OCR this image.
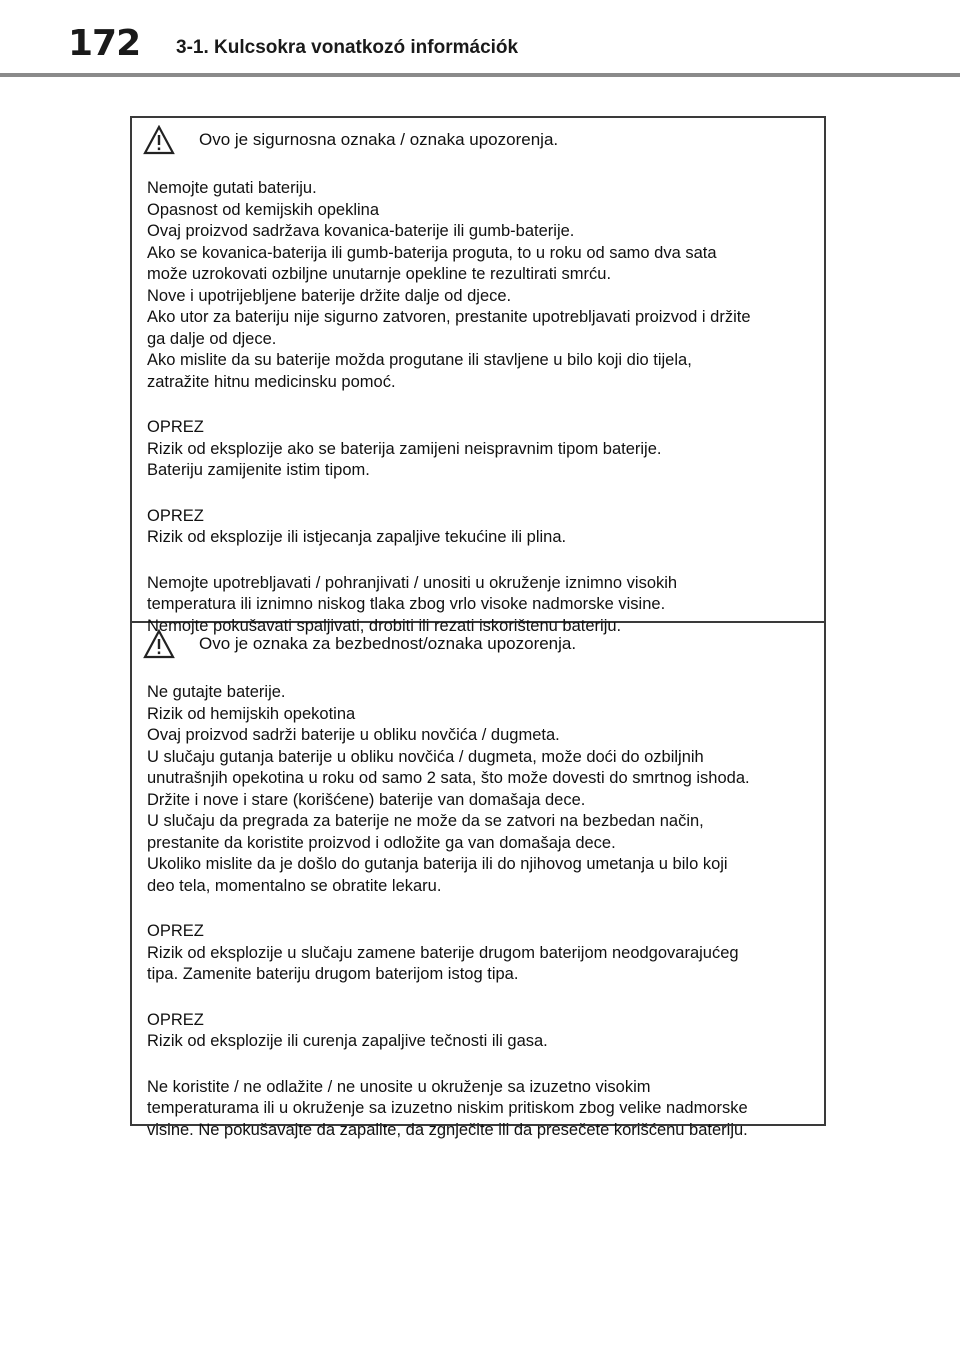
172 3-1. Kulcsokra vonatkozó információk
Ovo je sigurnosna oznaka / oznaka upozorenja.
Nemojte gutati bateriju.
Opasnost od kemijskih opeklina
Ovaj proizvod sadržava kovanica-baterije ili gumb-baterije.
Ako se kovanica-baterija ili gumb-baterija proguta, to u roku od samo dva sata
može uzrokovati ozbiljne unutarnje opekline te rezultirati smrću.
Nove i upotrijebljene baterije držite dalje od djece.
Ako utor za bateriju nije sigurno zatvoren, prestanite upotrebljavati proizvod i držite
ga dalje od djece.
Ako mislite da su baterije možda progutane ili stavljene u bilo koji dio tijela,
zatražite hitnu medicinsku pomoć.
OPREZ
Rizik od eksplozije ako se baterija zamijeni neispravnim tipom baterije.
Bateriju zamijenite istim tipom.
OPREZ
Rizik od eksplozije ili istjecanja zapaljive tekućine ili plina.
Nemojte upotrebljavati / pohranjivati / unositi u okruženje iznimno visokih
temperatura ili iznimno niskog tlaka zbog vrlo visoke nadmorske visine.
Nemojte pokušavati spaljivati, drobiti ili rezati iskorištenu bateriju.
Ovo je oznaka za bezbednost/oznaka upozorenja.
Ne gutajte baterije.
Rizik od hemijskih opekotina
Ovaj proizvod sadrži baterije u obliku novčića / dugmeta.
U slučaju gutanja baterije u obliku novčića / dugmeta, može doći do ozbiljnih
unutrašnjih opekotina u roku od samo 2 sata, što može dovesti do smrtnog ishoda.
Držite i nove i stare (korišćene) baterije van domašaja dece.
U slučaju da pregrada za baterije ne može da se zatvori na bezbedan način,
prestanite da koristite proizvod i odložite ga van domašaja dece.
Ukoliko mislite da je došlo do gutanja baterija ili do njihovog umetanja u bilo koji
deo tela, momentalno se obratite lekaru.
OPREZ
Rizik od eksplozije u slučaju zamene baterije drugom baterijom neodgovarajućeg
tipa. Zamenite bateriju drugom baterijom istog tipa.
OPREZ
Rizik od eksplozije ili curenja zapaljive tečnosti ili gasa.
Ne koristite / ne odlažite / ne unosite u okruženje sa izuzetno visokim
temperaturama ili u okruženje sa izuzetno niskim pritiskom zbog velike nadmorske
visine. Ne pokušavajte da zapalite, da zgnječite ili da presečete korišćenu bateriju.
